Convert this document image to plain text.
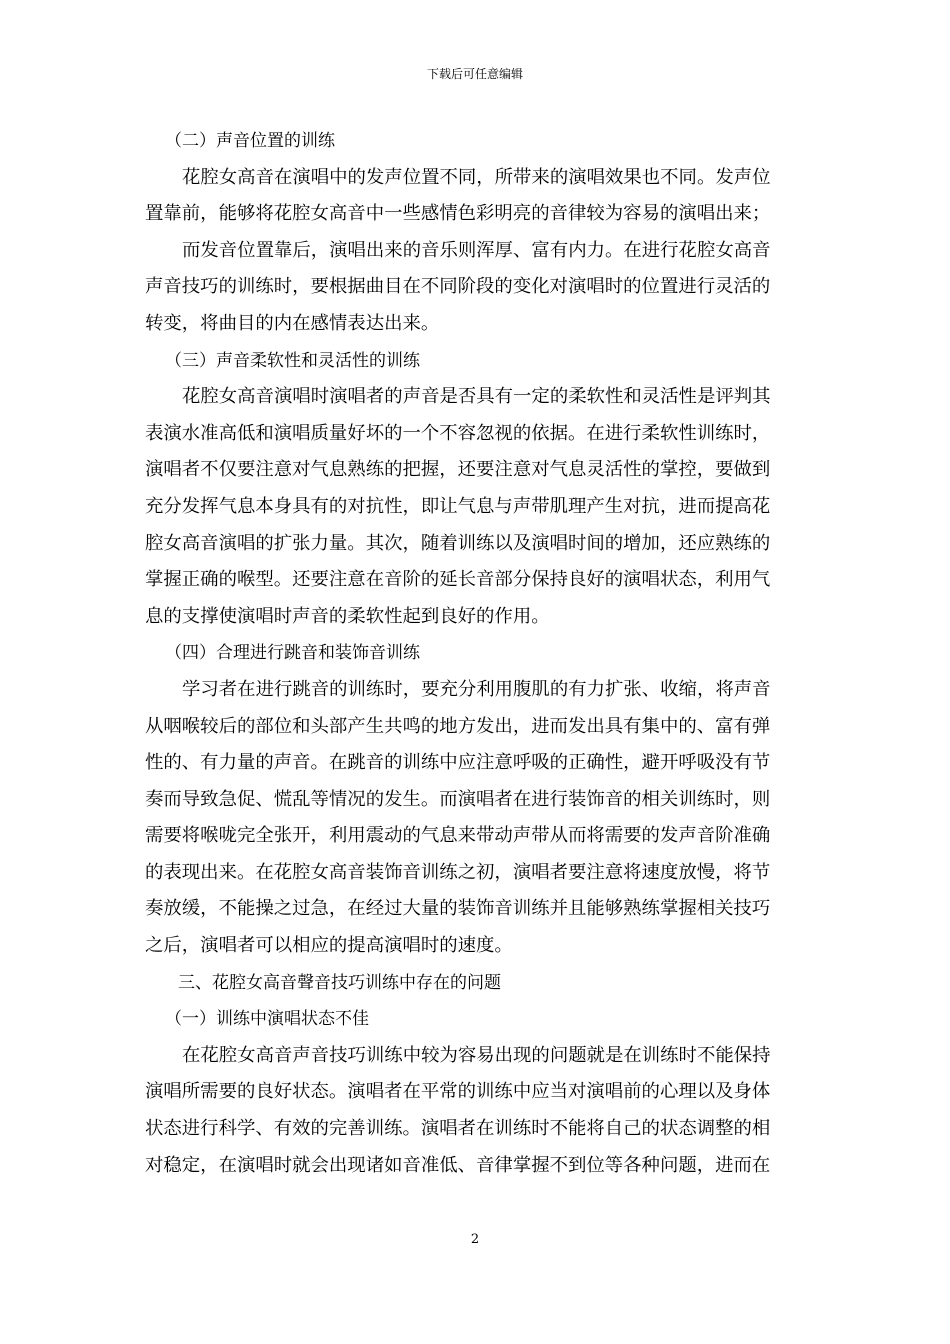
下载后可任意编辑

（二）声音位置的训练

花腔女高音在演唱中的发声位置不同，所带来的演唱效果也不同。发声位
置靠前，能够将花腔女高音中一些感情色彩明亮的音律较为容易的演唱出来；

而发音位置靠后，演唱出来的音乐则浑厚、富有内力。在进行花腔女高音
声音技巧的训练时，要根据曲目在不同阶段的变化对演唱时的位置进行灵活的
转变，将曲目的内在感情表达出来。

（三）声音柔软性和灵活性的训练

花腔女高音演唱时演唱者的声音是否具有一定的柔软性和灵活性是评判其
表演水准高低和演唱质量好坏的一个不容忽视的依据。在进行柔软性训练时，
演唱者不仅要注意对气息熟练的把握，还要注意对气息灵活性的掌控，要做到
充分发挥气息本身具有的对抗性，即让气息与声带肌理产生对抗，进而提高花
腔女高音演唱的扩张力量。其次，随着训练以及演唱时间的增加，还应熟练的
掌握正确的喉型。还要注意在音阶的延长音部分保持良好的演唱状态，利用气
息的支撑使演唱时声音的柔软性起到良好的作用。

（四）合理进行跳音和装饰音训练

学习者在进行跳音的训练时，要充分利用腹肌的有力扩张、收缩，将声音
从咽喉较后的部位和头部产生共鸣的地方发出，进而发出具有集中的、富有弹
性的、有力量的声音。在跳音的训练中应注意呼吸的正确性，避开呼吸没有节
奏而导致急促、慌乱等情况的发生。而演唱者在进行装饰音的相关训练时，则
需要将喉咙完全张开，利用震动的气息来带动声带从而将需要的发声音阶准确
的表现出来。在花腔女高音装饰音训练之初，演唱者要注意将速度放慢，将节
奏放缓，不能操之过急，在经过大量的装饰音训练并且能够熟练掌握相关技巧
之后，演唱者可以相应的提高演唱时的速度。

三、花腔女高音聲音技巧训练中存在的问题

（一）训练中演唱状态不佳

在花腔女高音声音技巧训练中较为容易出现的问题就是在训练时不能保持
演唱所需要的良好状态。演唱者在平常的训练中应当对演唱前的心理以及身体
状态进行科学、有效的完善训练。演唱者在训练时不能将自己的状态调整的相
对稳定，在演唱时就会出现诸如音准低、音律掌握不到位等各种问题，进而在

2
